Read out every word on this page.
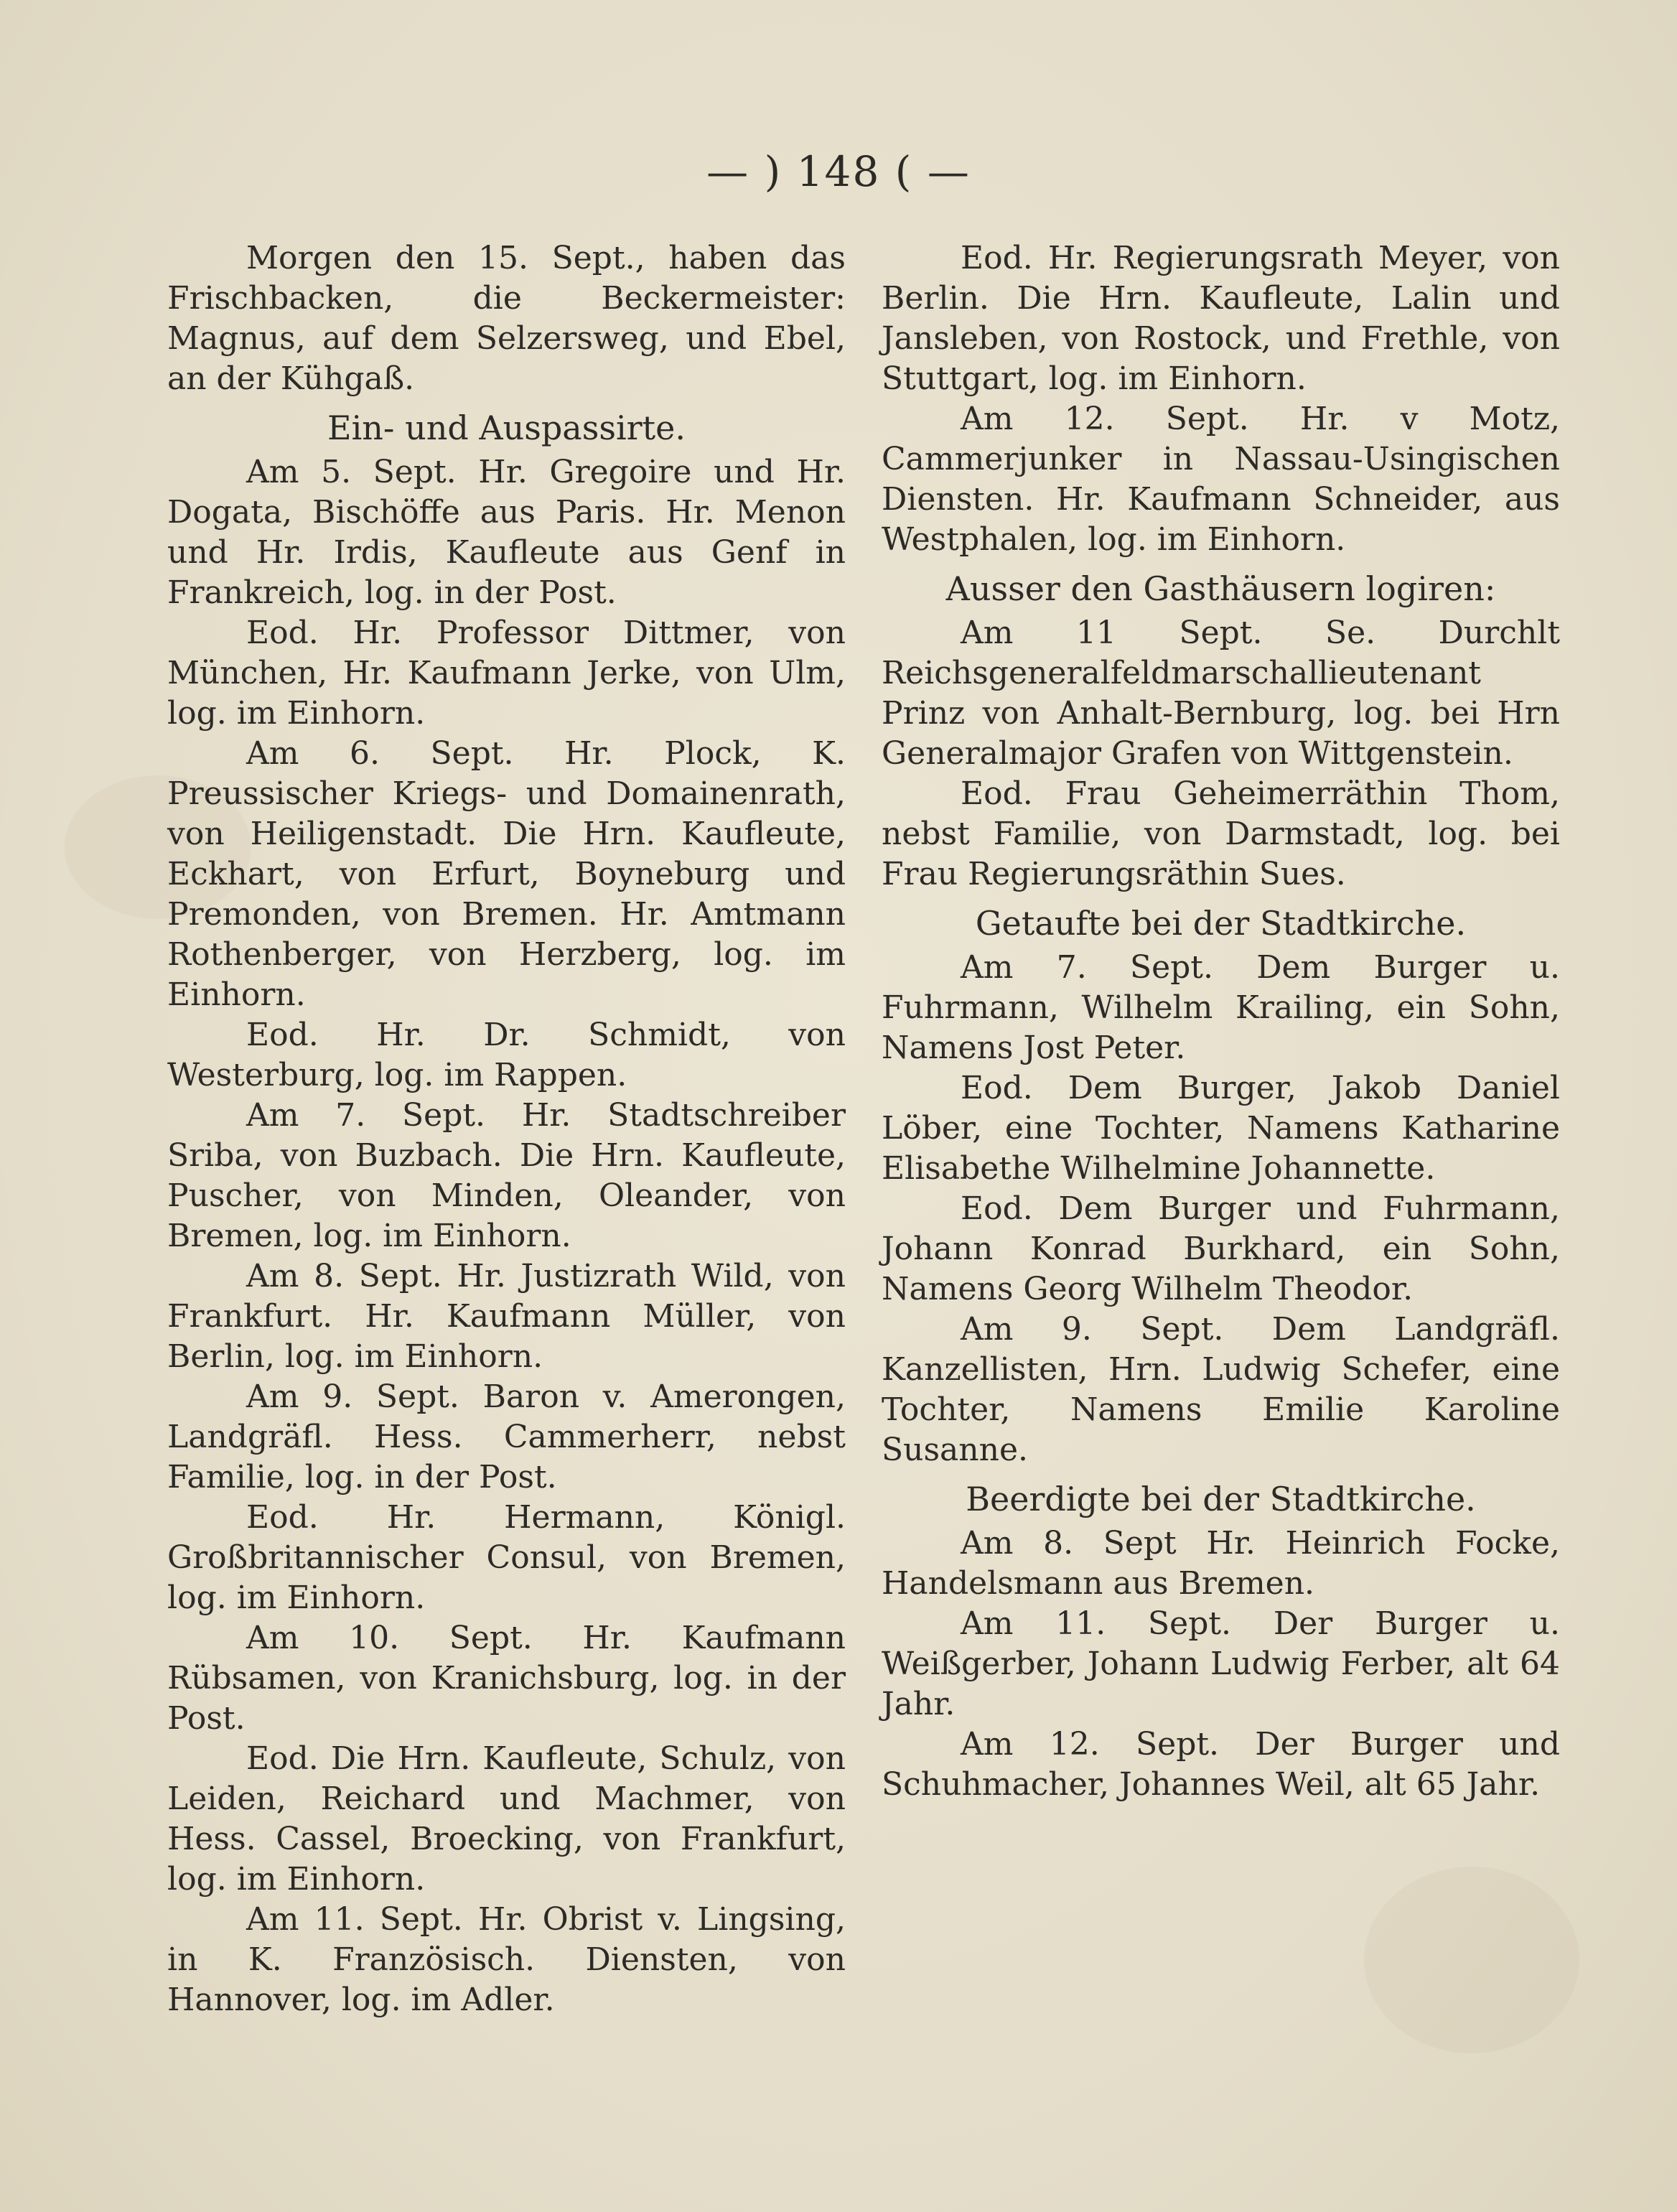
— ) 148 ( —

Morgen den 15. Sept., haben das Frischbacken, die Beckermeister: Magnus, auf dem Selzersweg, und Ebel, an der Kühgaß.

Ein- und Auspassirte.

Am 5. Sept. Hr. Gregoire und Hr. Dogata, Bischöffe aus Paris. Hr. Menon und Hr. Irdis, Kaufleute aus Genf in Frankreich, log. in der Post.

Eod. Hr. Professor Dittmer, von München, Hr. Kaufmann Jerke, von Ulm, log. im Einhorn.

Am 6. Sept. Hr. Plock, K. Preussischer Kriegs- und Domainenrath, von Heiligenstadt. Die Hrn. Kaufleute, Eckhart, von Erfurt, Boyneburg und Premonden, von Bremen. Hr. Amtmann Rothenberger, von Herzberg, log. im Einhorn.

Eod. Hr. Dr. Schmidt, von Westerburg, log. im Rappen.

Am 7. Sept. Hr. Stadtschreiber Sriba, von Buzbach. Die Hrn. Kaufleute, Puscher, von Minden, Oleander, von Bremen, log. im Einhorn.

Am 8. Sept. Hr. Justizrath Wild, von Frankfurt. Hr. Kaufmann Müller, von Berlin, log. im Einhorn.

Am 9. Sept. Baron v. Amerongen, Landgräfl. Hess. Cammerherr, nebst Familie, log. in der Post.

Eod. Hr. Hermann, Königl. Großbritannischer Consul, von Bremen, log. im Einhorn.

Am 10. Sept. Hr. Kaufmann Rübsamen, von Kranichsburg, log. in der Post.

Eod. Die Hrn. Kaufleute, Schulz, von Leiden, Reichard und Machmer, von Hess. Cassel, Broecking, von Frankfurt, log. im Einhorn.

Am 11. Sept. Hr. Obrist v. Lingsing, in K. Französisch. Diensten, von Hannover, log. im Adler.

Eod. Hr. Regierungsrath Meyer, von Berlin. Die Hrn. Kaufleute, Lalin und Jansleben, von Rostock, und Frethle, von Stuttgart, log. im Einhorn.

Am 12. Sept. Hr. v Motz, Cammerjunker in Nassau-Usingischen Diensten. Hr. Kaufmann Schneider, aus Westphalen, log. im Einhorn.

Ausser den Gasthäusern logiren:

Am 11 Sept. Se. Durchlt Reichsgeneralfeldmarschallieutenant Prinz von Anhalt-Bernburg, log. bei Hrn Generalmajor Grafen von Wittgenstein.

Eod. Frau Geheimerräthin Thom, nebst Familie, von Darmstadt, log. bei Frau Regierungsräthin Sues.

Getaufte bei der Stadtkirche.

Am 7. Sept. Dem Burger u. Fuhrmann, Wilhelm Krailing, ein Sohn, Namens Jost Peter.

Eod. Dem Burger, Jakob Daniel Löber, eine Tochter, Namens Katharine Elisabethe Wilhelmine Johannette.

Eod. Dem Burger und Fuhrmann, Johann Konrad Burkhard, ein Sohn, Namens Georg Wilhelm Theodor.

Am 9. Sept. Dem Landgräfl. Kanzellisten, Hrn. Ludwig Schefer, eine Tochter, Namens Emilie Karoline Susanne.

Beerdigte bei der Stadtkirche.

Am 8. Sept Hr. Heinrich Focke, Handelsmann aus Bremen.

Am 11. Sept. Der Burger u. Weißgerber, Johann Ludwig Ferber, alt 64 Jahr.

Am 12. Sept. Der Burger und Schuhmacher, Johannes Weil, alt 65 Jahr.
